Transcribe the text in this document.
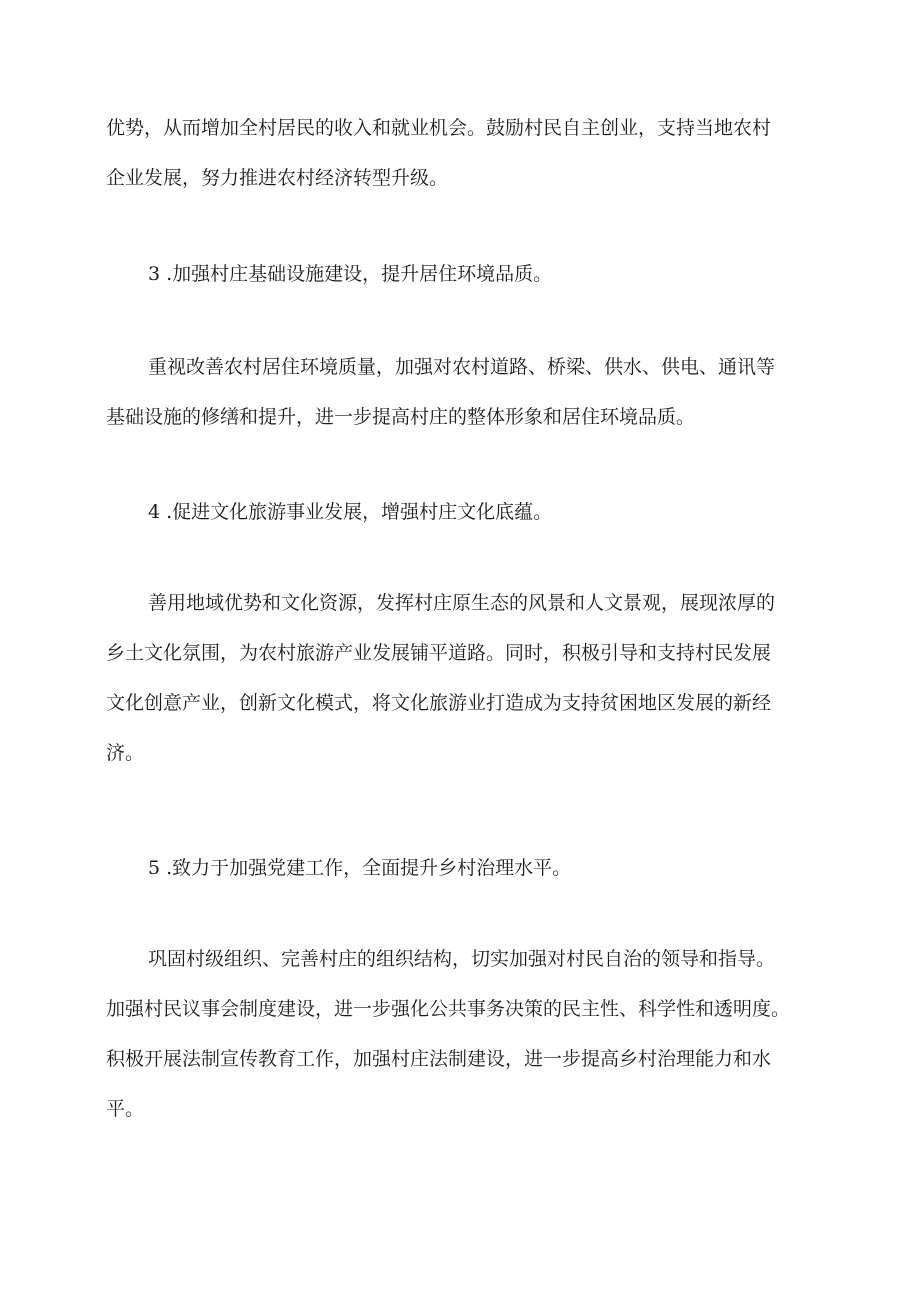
优势，从而增加全村居民的收入和就业机会。鼓励村民自主创业，支持当地农村
企业发展，努力推进农村经济转型升级。

3 .加强村庄基础设施建设，提升居住环境品质。

重视改善农村居住环境质量，加强对农村道路、桥梁、供水、供电、通讯等
基础设施的修缮和提升，进一步提高村庄的整体形象和居住环境品质。

4 .促进文化旅游事业发展，增强村庄文化底蕴。

善用地域优势和文化资源，发挥村庄原生态的风景和人文景观，展现浓厚的
乡土文化氛围，为农村旅游产业发展铺平道路。同时，积极引导和支持村民发展
文化创意产业，创新文化模式，将文化旅游业打造成为支持贫困地区发展的新经
济。

5 .致力于加强党建工作，全面提升乡村治理水平。

巩固村级组织、完善村庄的组织结构，切实加强对村民自治的领导和指导。
加强村民议事会制度建设，进一步强化公共事务决策的民主性、科学性和透明度。
积极开展法制宣传教育工作，加强村庄法制建设，进一步提高乡村治理能力和水
平。
